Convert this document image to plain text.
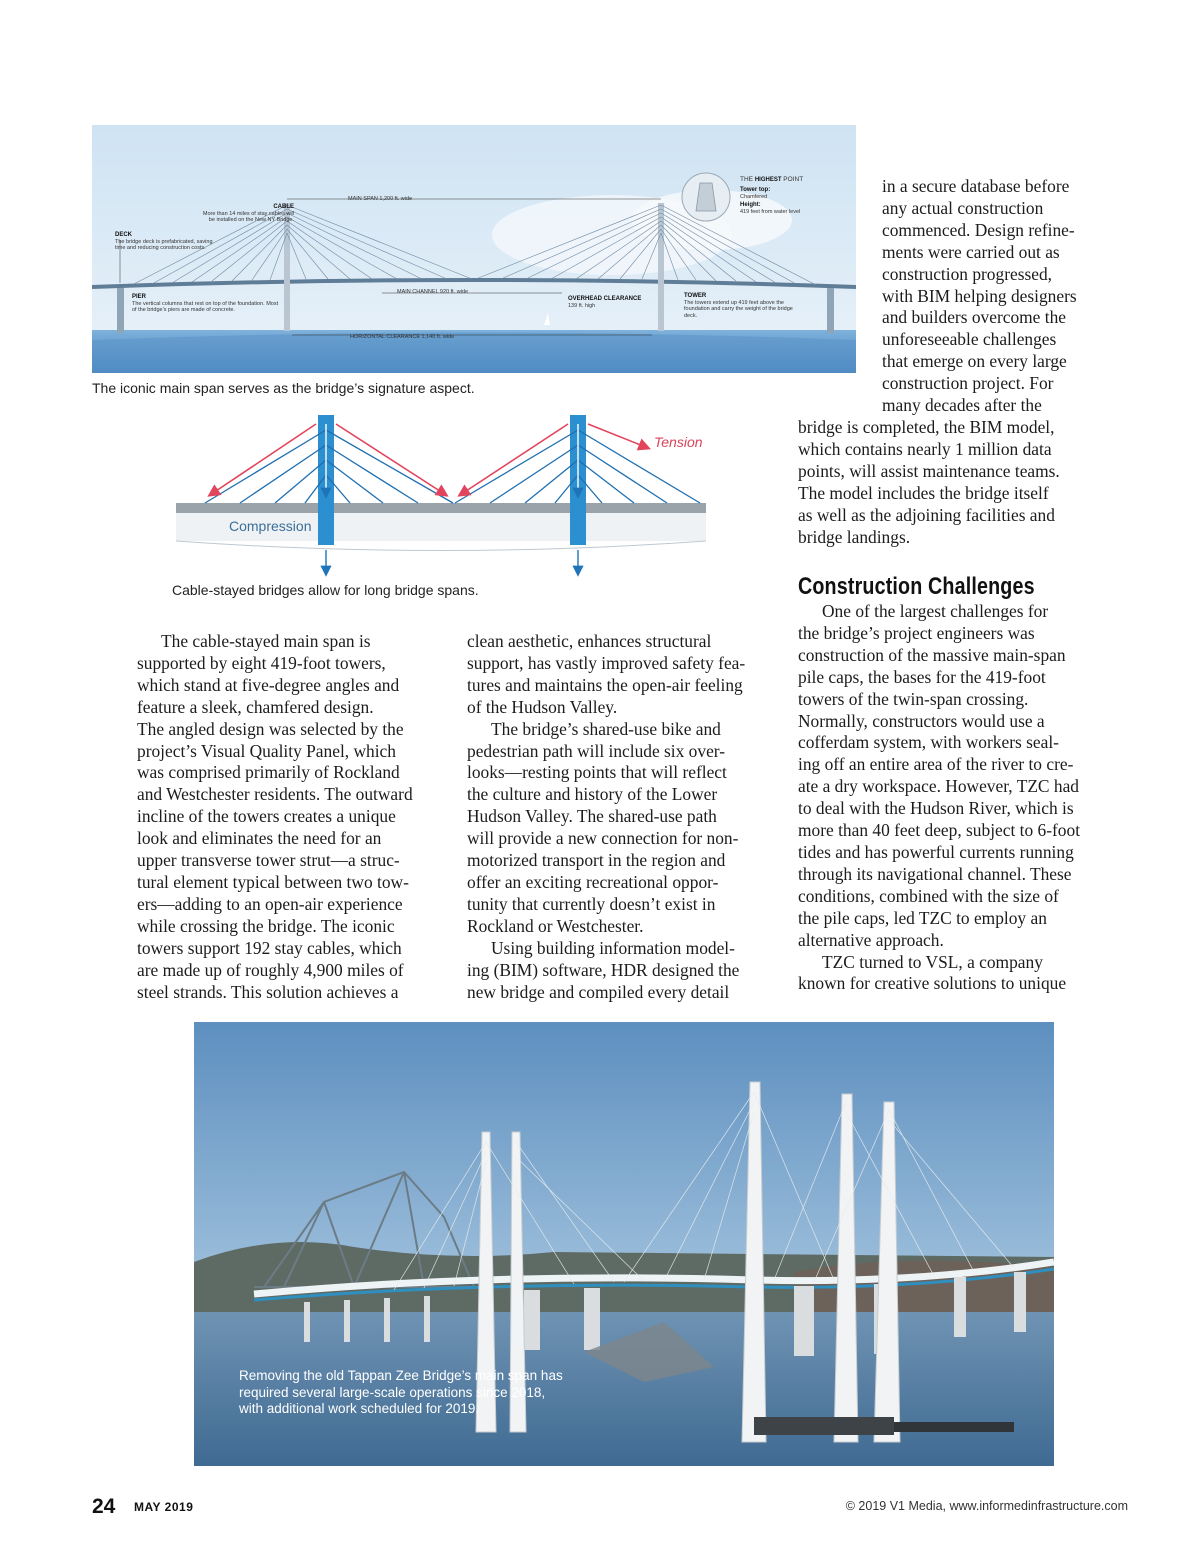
MAIN SPAN 1,200 ft. wide
CABLE
More than 14 miles of stay cables will be installed on the New NY Bridge.
DECK
The bridge deck is prefabricated, saving time and reducing construction costs.
PIER
The vertical columns that rest on top of the foundation. Most of the bridge’s piers are made of concrete.
MAIN CHANNEL 920 ft. wide
OVERHEAD CLEARANCE
139 ft. high
TOWER
The towers extend up 419 feet above the foundation and carry the weight of the bridge deck.
HORIZONTAL CLEARANCE 1,140 ft. wide
THE HIGHEST POINT
Tower top:
Chamfered
Height:
419 feet from water level
The iconic main span serves as the bridge’s signature aspect.
Tension
Compression
Cable-stayed bridges allow for long bridge spans.

The cable-stayed main span is
supported by eight 419-foot towers,
which stand at five-degree angles and
feature a sleek, chamfered design.
The angled design was selected by the
project’s Visual Quality Panel, which
was comprised primarily of Rockland
and Westchester residents. The outward
incline of the towers creates a unique
look and eliminates the need for an
upper transverse tower strut—a struc-
tural element typical between two tow-
ers—adding to an open-air experience
while crossing the bridge. The iconic
towers support 192 stay cables, which
are made up of roughly 4,900 miles of
steel strands. This solution achieves a

clean aesthetic, enhances structural
support, has vastly improved safety fea-
tures and maintains the open-air feeling
of the Hudson Valley.
The bridge’s shared-use bike and
pedestrian path will include six over-
looks—resting points that will reflect
the culture and history of the Lower
Hudson Valley. The shared-use path
will provide a new connection for non-
motorized transport in the region and
offer an exciting recreational oppor-
tunity that currently doesn’t exist in
Rockland or Westchester.
Using building information model-
ing (BIM) software, HDR designed the
new bridge and compiled every detail
in a secure database before
any actual construction
commenced. Design refine-
ments were carried out as
construction progressed,
with BIM helping designers
and builders overcome the
unforeseeable challenges
that emerge on every large
construction project. For
many decades after the
bridge is completed, the BIM model,
which contains nearly 1 million data
points, will assist maintenance teams.
The model includes the bridge itself
as well as the adjoining facilities and
bridge landings.
Construction Challenges
One of the largest challenges for
the bridge’s project engineers was
construction of the massive main-span
pile caps, the bases for the 419-foot
towers of the twin-span crossing.
Normally, constructors would use a
cofferdam system, with workers seal-
ing off an entire area of the river to cre-
ate a dry workspace. However, TZC had
to deal with the Hudson River, which is
more than 40 feet deep, subject to 6-foot
tides and has powerful currents running
through its navigational channel. These
conditions, combined with the size of
the pile caps, led TZC to employ an
alternative approach.
TZC turned to VSL, a company
known for creative solutions to unique
Removing the old Tappan Zee Bridge’s main span has
required several large-scale operations since 2018,
with additional work scheduled for 2019.
24 MAY 2019	© 2019 V1 Media, www.informedinfrastructure.com
